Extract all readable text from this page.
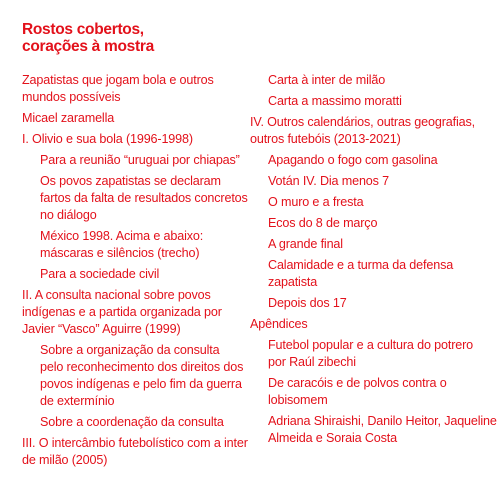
Rostos cobertos,
corações à mostra
Zapatistas que jogam bola e outros
mundos possíveis
Micael zaramella
I. Olivio e sua bola (1996-1998)
Para a reunião “uruguai por chiapas”
Os povos zapatistas se declaram
fartos da falta de resultados concretos
no diálogo
México 1998. Acima e abaixo:
máscaras e silêncios (trecho)
Para a sociedade civil
II. A consulta nacional sobre povos
indígenas e a partida organizada por
Javier “Vasco” Aguirre (1999)
Sobre a organização da consulta
pelo reconhecimento dos direitos dos
povos indígenas e pelo fim da guerra
de extermínio
Sobre a coordenação da consulta
III. O intercâmbio futebolístico com a inter
de milão (2005)
Carta à inter de milão
Carta a massimo moratti
IV. Outros calendários, outras geografias,
outros futebóis (2013-2021)
Apagando o fogo com gasolina
Votán IV. Dia menos 7
O muro e a fresta
Ecos do 8 de março
A grande final
Calamidade e a turma da defensa
zapatista
Depois dos 17
Apêndices
Futebol popular e a cultura do potrero
por Raúl zibechi
De caracóis e de polvos contra o
lobisomem
Adriana Shiraishi, Danilo Heitor, Jaqueline
Almeida e Soraia Costa
